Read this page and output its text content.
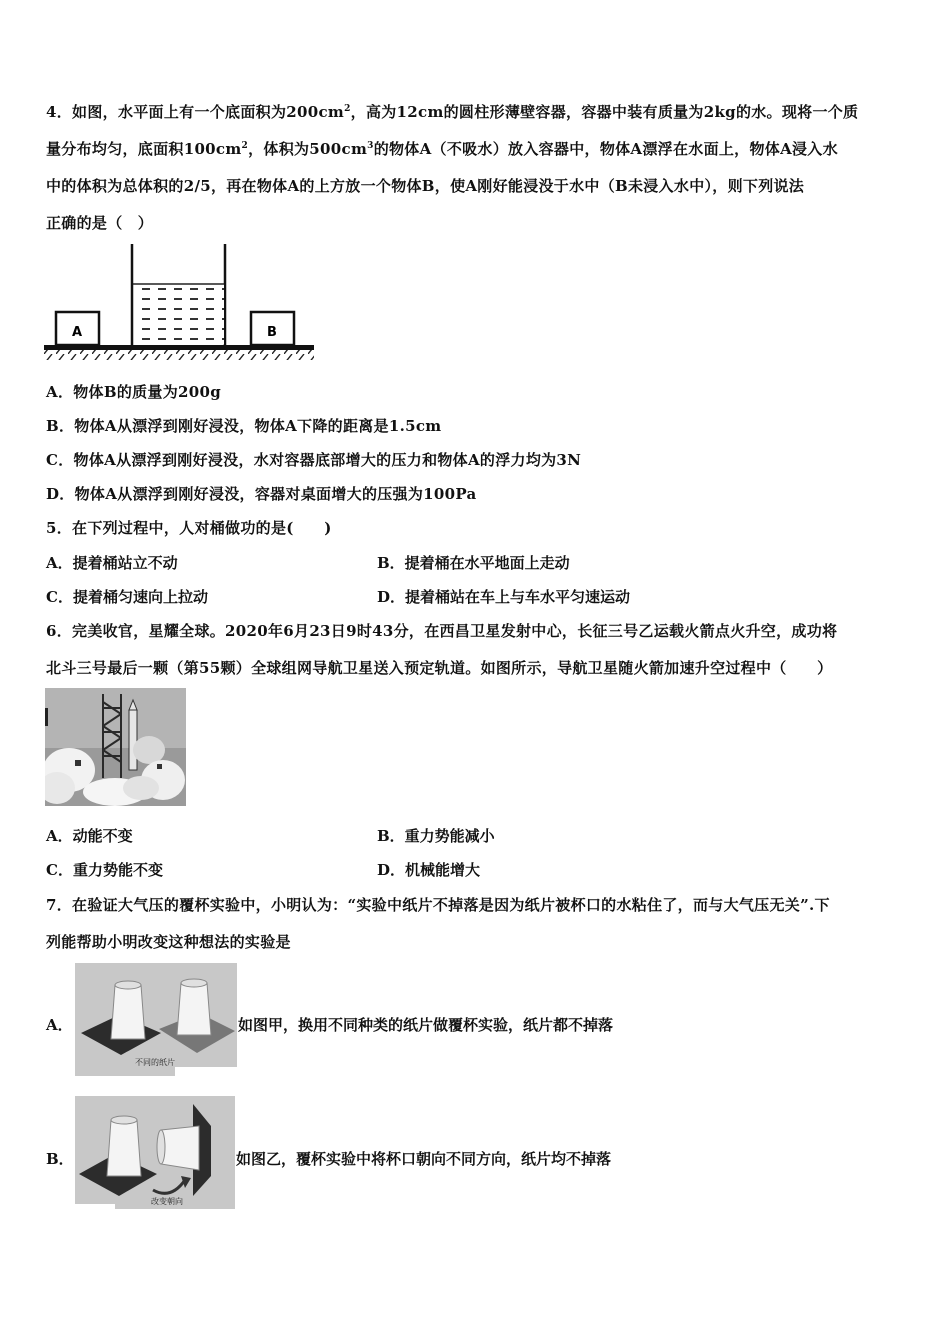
4．如图，水平面上有一个底面积为$200cm^2$，高为12cm的圆柱形薄壁容器，容器中装有质量为2kg的水。现将一个质
量分布均匀，底面积$100cm^2$，体积为$500cm^3$的物体A（不吸水）放入容器中，物体A漂浮在水面上，物体A浸入水
中的体积为总体积的2/5，再在物体A的上方放一个物体B，使A刚好能浸没于水中（B未浸入水中），则下列说法
正确的是（　）
A	B
A．物体B的质量为200g
B．物体A从漂浮到刚好浸没，物体A下降的距离是1.5cm
C．物体A从漂浮到刚好浸没，水对容器底部增大的压力和物体A的浮力均为3N
D．物体A从漂浮到刚好浸没，容器对桌面增大的压强为100Pa
5．在下列过程中，人对桶做功的是(　　)
A．提着桶站立不动	B．提着桶在水平地面上走动
C．提着桶匀速向上拉动	D．提着桶站在车上与车水平匀速运动
6．完美收官，星耀全球。2020年6月23日9时43分，在西昌卫星发射中心，长征三号乙运载火箭点火升空，成功将
北斗三号最后一颗（第55颗）全球组网导航卫星送入预定轨道。如图所示，导航卫星随火箭加速升空过程中（　　）
A．动能不变	B．重力势能减小
C．重力势能不变	D．机械能增大
7．在验证大气压的覆杯实验中，小明认为：“实验中纸片不掉落是因为纸片被杯口的水粘住了，而与大气压无关”.下
列能帮助小明改变这种想法的实验是
A．
不同的纸片
如图甲，换用不同种类的纸片做覆杯实验，纸片都不掉落
B．
改变朝向
如图乙，覆杯实验中将杯口朝向不同方向，纸片均不掉落
